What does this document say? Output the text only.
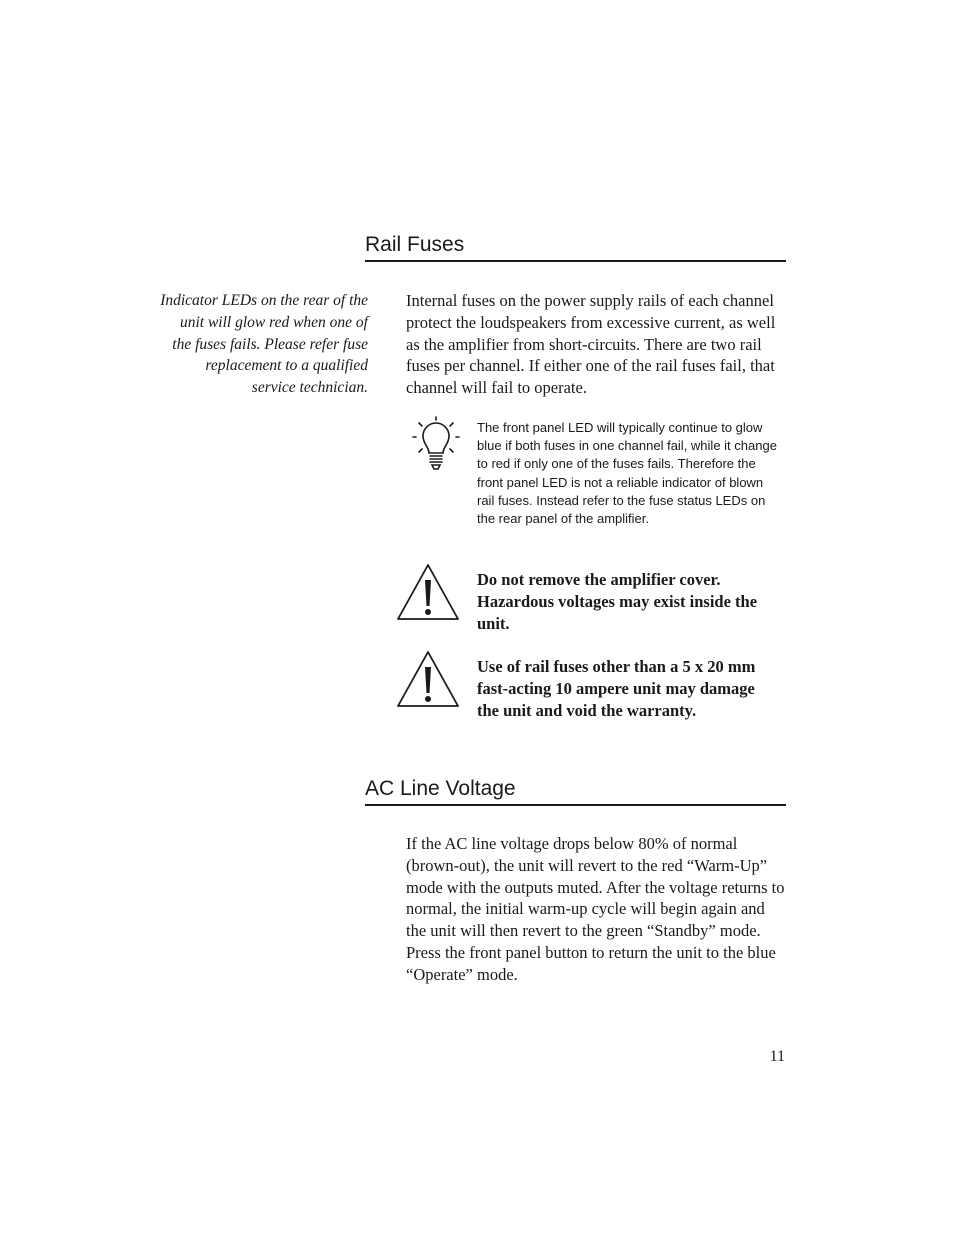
Rail Fuses
Indicator LEDs on the rear of the unit will glow red when one of the fuses fails. Please refer fuse replacement to a qualified service technician.
Internal fuses on the power supply rails of each channel protect the loudspeakers from excessive current, as well as the amplifier from short-circuits. There are two rail fuses per channel. If either one of the rail fuses fail, that channel will fail to operate.
The front panel LED will typically continue to glow blue if both fuses in one channel fail, while it change to red if only one of the fuses fails. Therefore the front panel LED is not a reliable indicator of blown rail fuses. Instead refer to the fuse status LEDs on the rear panel of the amplifier.
Do not remove the amplifier cover. Hazardous voltages may exist inside the unit.
Use of rail fuses other than a 5 x 20 mm fast-acting 10 ampere unit may damage the unit and void the warranty.
AC Line Voltage
If the AC line voltage drops below 80% of normal (brown-out), the unit will revert to the red “Warm-Up” mode with the outputs muted. After the voltage returns to normal, the initial warm-up cycle will begin again and the unit will then revert to the green “Standby” mode. Press the front panel button to return the unit to the blue “Operate” mode.
11
